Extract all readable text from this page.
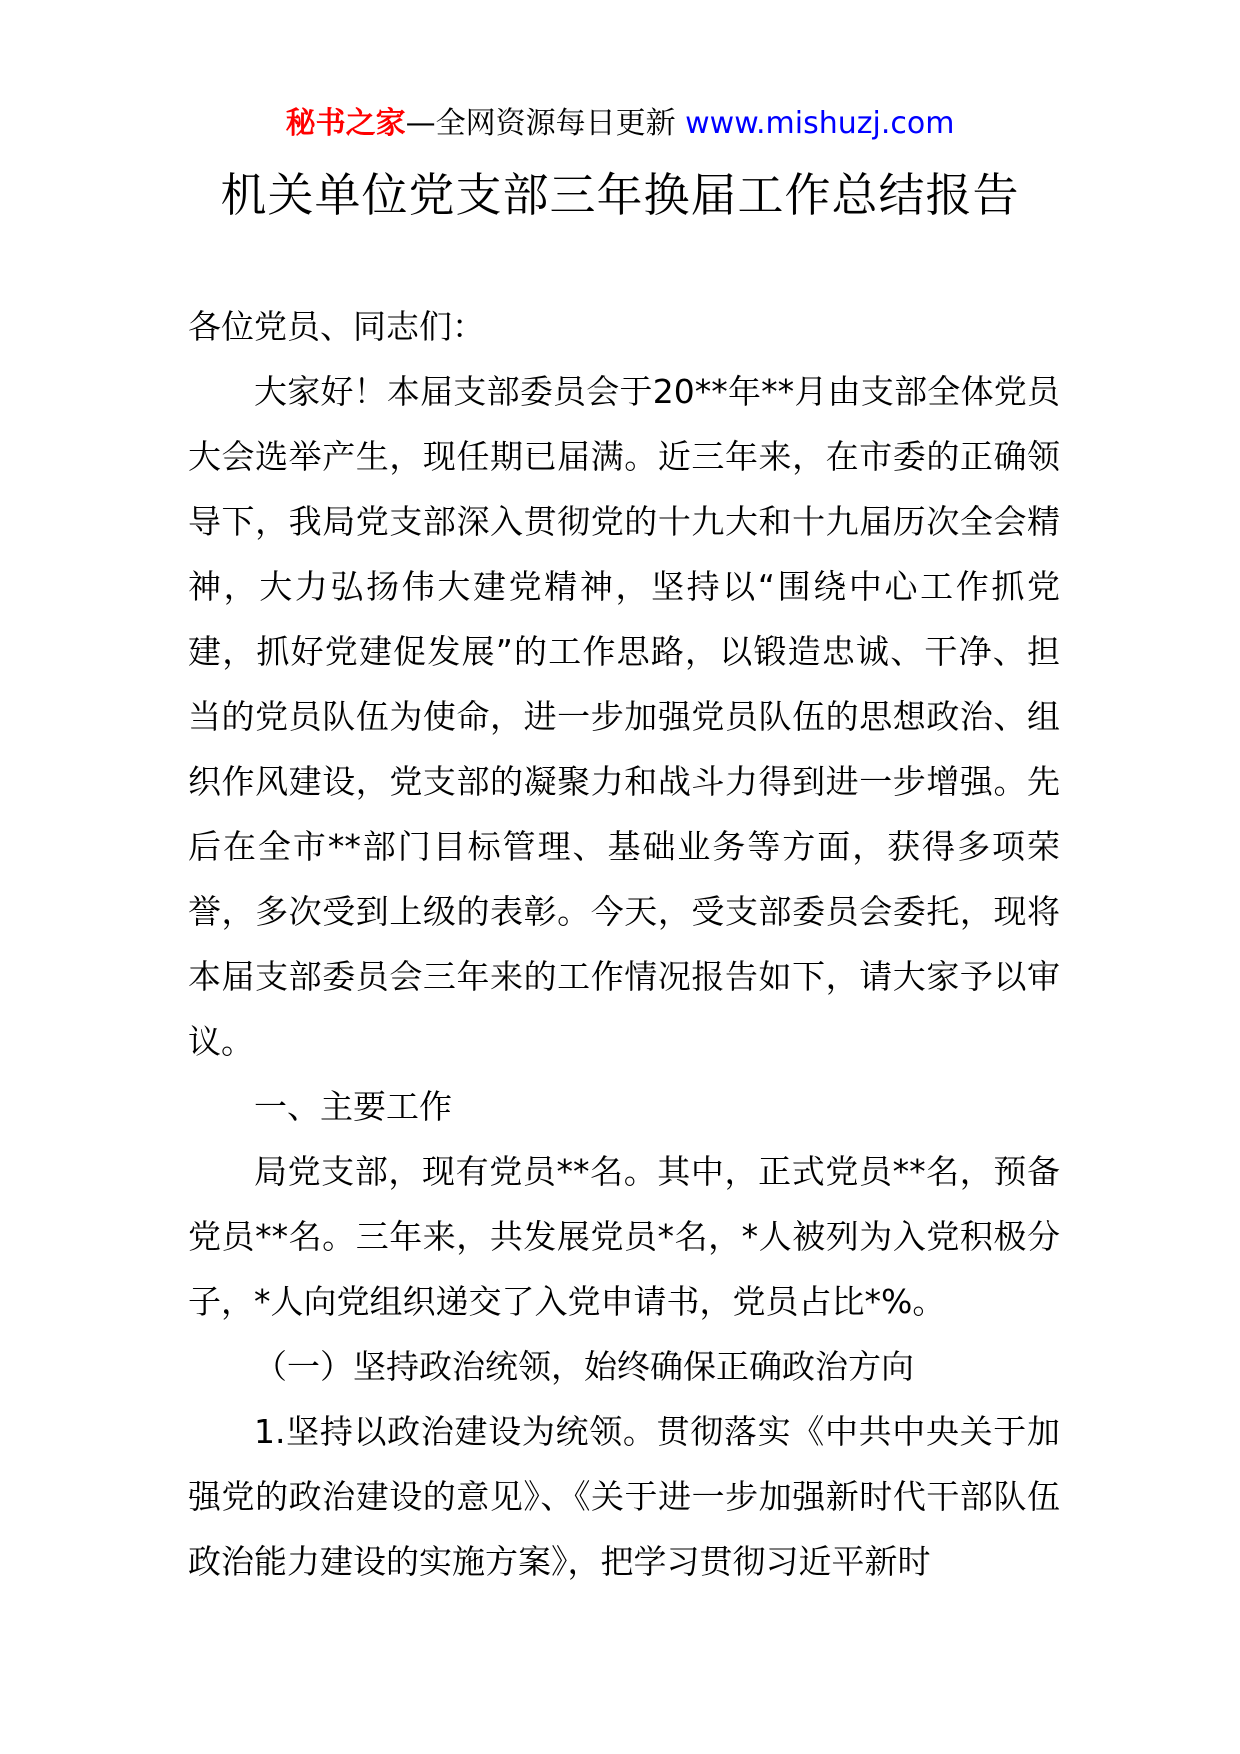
秘书之家—全网资源每日更新 www.mishuzj.com
机关单位党支部三年换届工作总结报告

各位党员、同志们：

大家好！本届支部委员会于20**年**月由支部全体党员大会选举产生，现任期已届满。近三年来，在市委的正确领导下，我局党支部深入贯彻党的十九大和十九届历次全会精神，大力弘扬伟大建党精神，坚持以“围绕中心工作抓党建，抓好党建促发展”的工作思路，以锻造忠诚、干净、担当的党员队伍为使命，进一步加强党员队伍的思想政治、组织作风建设，党支部的凝聚力和战斗力得到进一步增强。先后在全市**部门目标管理、基础业务等方面，获得多项荣誉，多次受到上级的表彰。今天，受支部委员会委托，现将本届支部委员会三年来的工作情况报告如下，请大家予以审议。

一、主要工作

局党支部，现有党员**名。其中，正式党员**名，预备党员**名。三年来，共发展党员*名，*人被列为入党积极分子，*人向党组织递交了入党申请书，党员占比*%。

（一）坚持政治统领，始终确保正确政治方向

1.坚持以政治建设为统领。贯彻落实《中共中央关于加强党的政治建设的意见》、《关于进一步加强新时代干部队伍政治能力建设的实施方案》，把学习贯彻习近平新时
